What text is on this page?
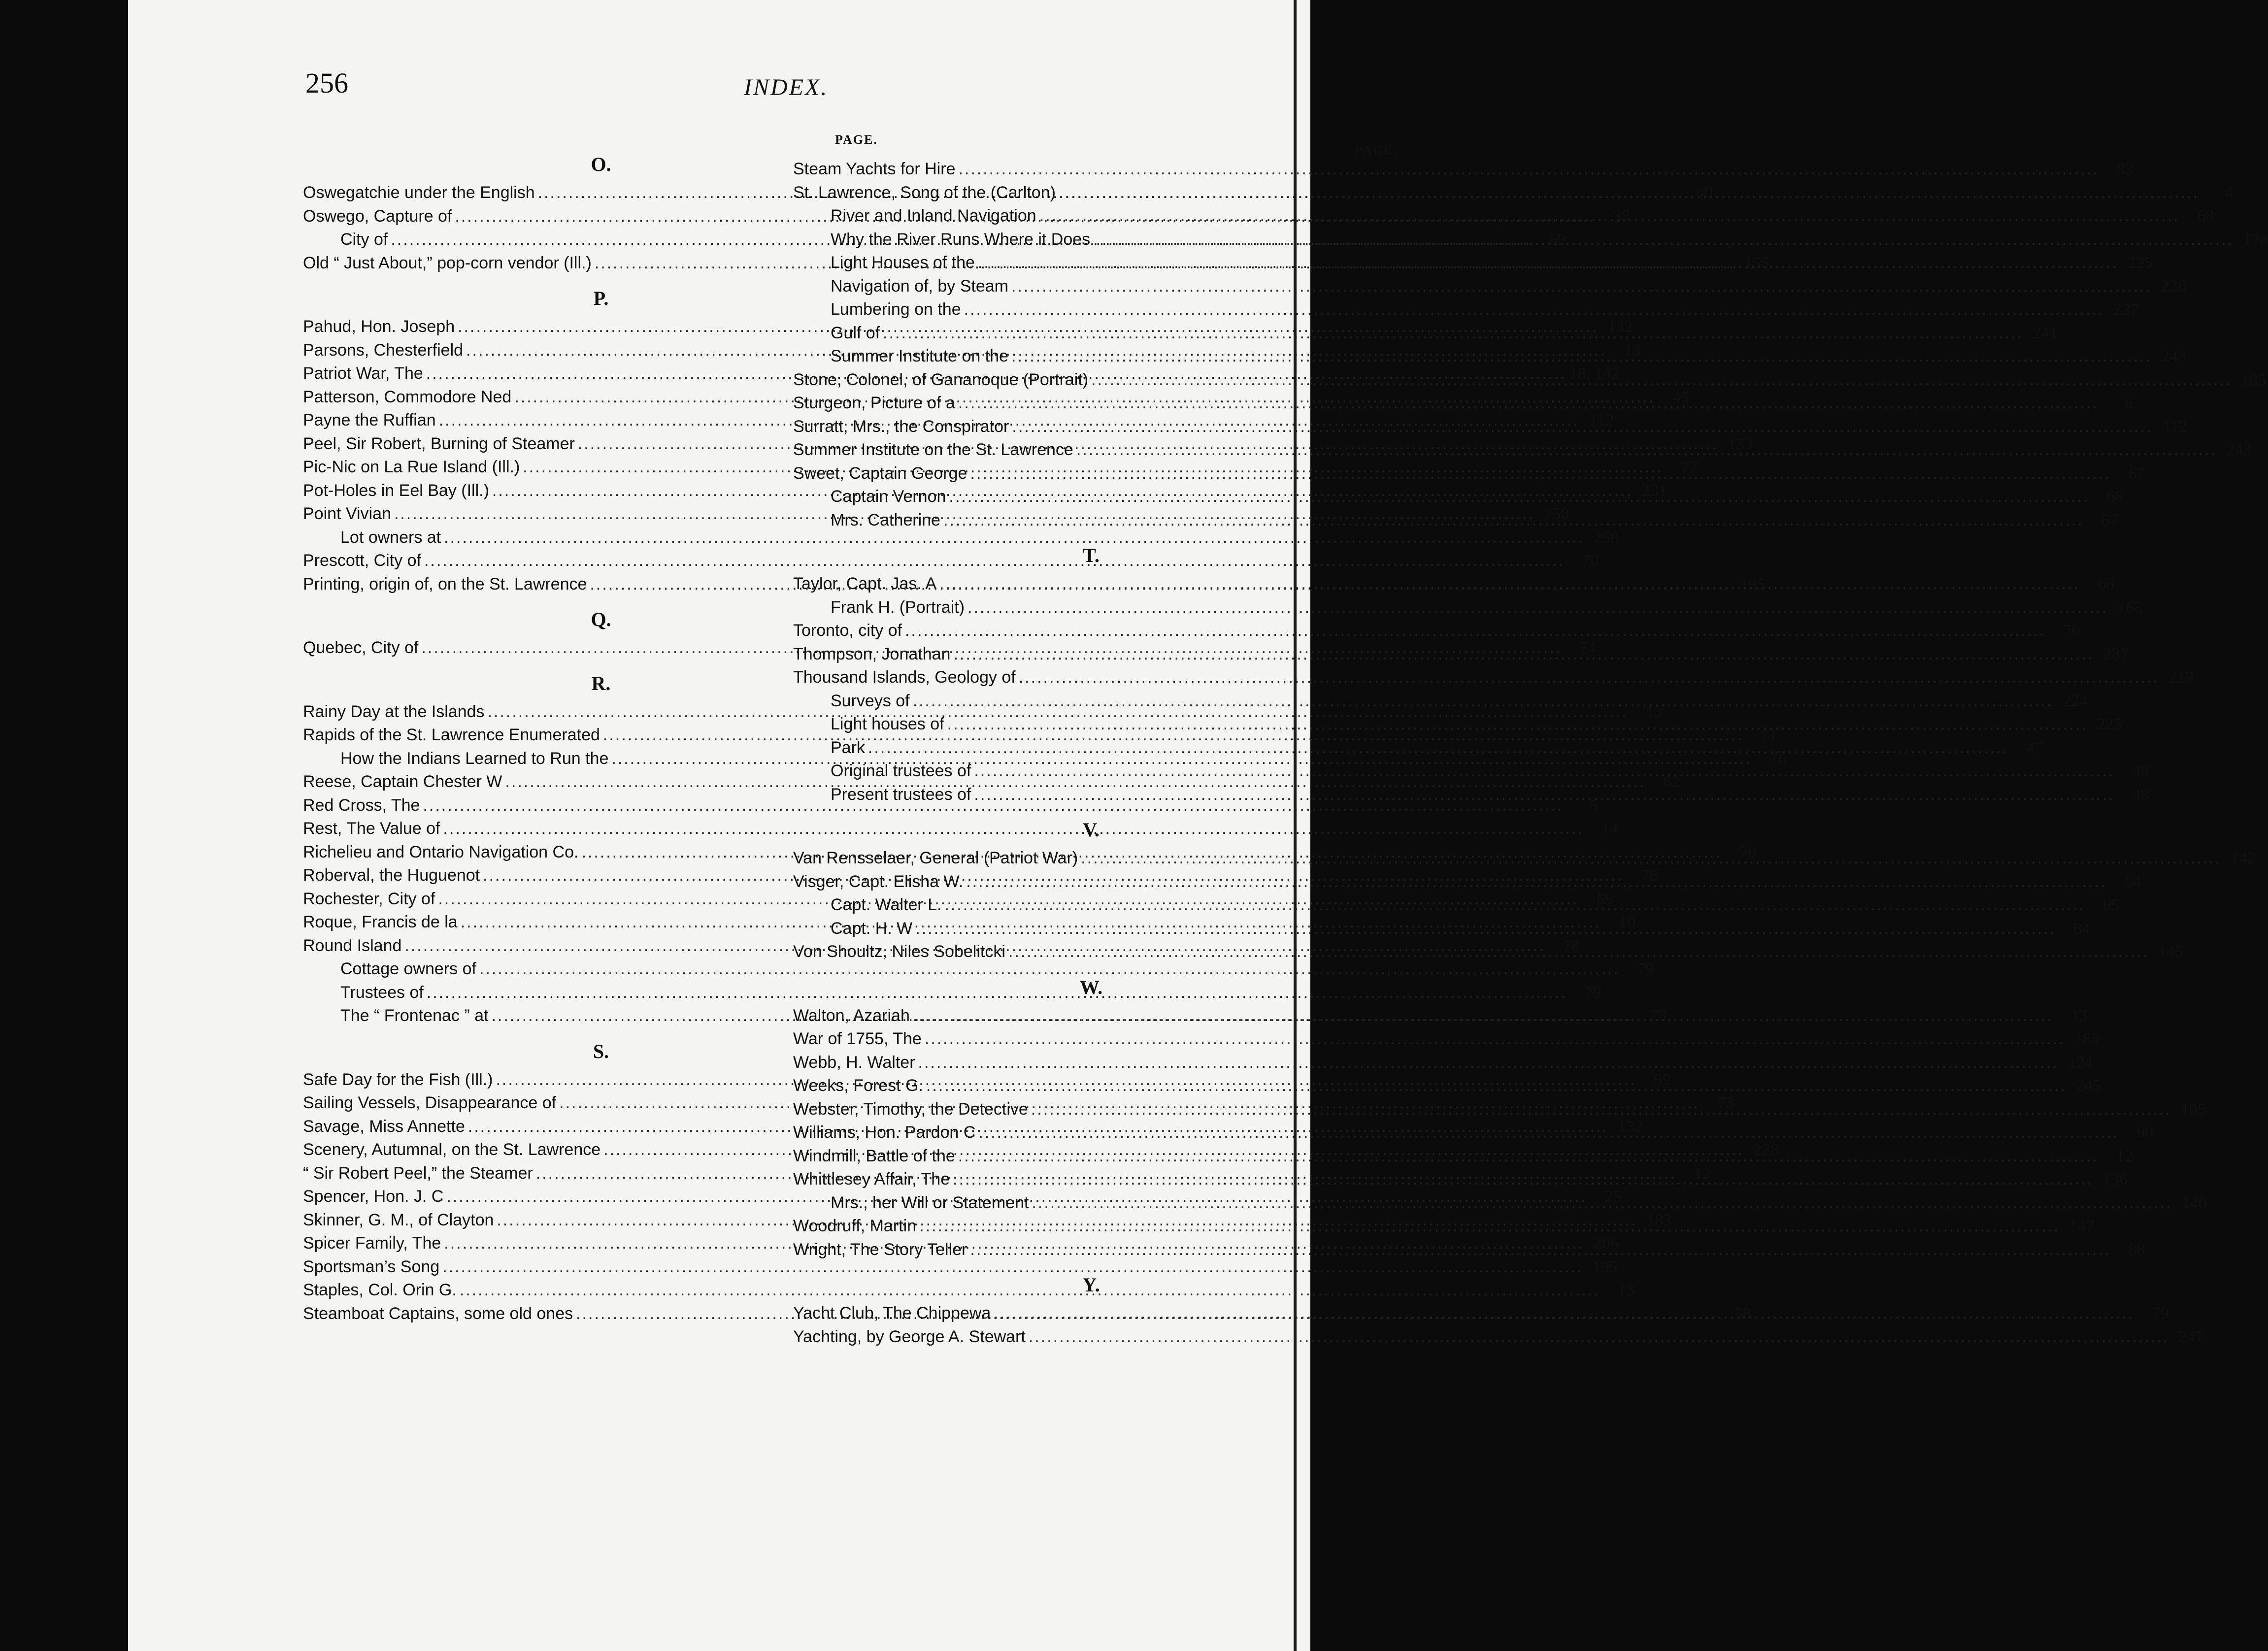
256	INDEX.
PAGE.
O.
Oswegatchie under the English .....	40
Oswego, Capture of .....	38
City of .....	69
Old “ Just About,” pop-corn vendor (Ill.) .....	155
P.
Pahud, Hon. Joseph .....	132
Parsons, Chesterfield .....	13
Patriot War, The .....	18, 142
Patterson, Commodore Ned .....	45
Payne the Ruffian .....	112
Peel, Sir Robert, Burning of Steamer .....	133
Pic-Nic on La Rue Island (Ill.) .....	77
Pot-Holes in Eel Bay (Ill.) .....	231
Point Vivian .....	250
Lot owners at .....	250
Prescott, City of .....	70
Printing, origin of, on the St. Lawrence .....	195
Q.
Quebec, City of .....	74
R.
Rainy Day at the Islands .....	13
Rapids of the St. Lawrence Enumerated .....	71
How the Indians Learned to Run the .....	76
Reese, Captain Chester W .....	62
Red Cross, The .....	5
Rest, The Value of .....	14
Richelieu and Ontario Navigation Co. .....	70
Roberval, the Huguenot .....	76
Rochester, City of .....	69
Roque, Francis de la .....	10
Round Island .....	78
Cottage owners of .....	79
Trustees of .....	79
The “ Frontenac ” at .....	78
S.
Safe Day for the Fish (Ill.) .....	69
Sailing Vessels, Disappearance of .....	73
Savage, Miss Annette .....	132
Scenery, Autumnal, on the St. Lawrence .....	228
“ Sir Robert Peel,” the Steamer .....	12
Spencer, Hon. J. C .....	25
Skinner, G. M., of Clayton .....	183
Spicer Family, The .....	206
Sportsman’s Song .....	195
Staples, Col. Orin G. .....	13
Steamboat Captains, some old ones .....	58
PAGE.
Steam Yachts for Hire .....	83
St. Lawrence, Song of the (Carlton) .....	4
River and Inland Navigation .....	68
Why the River Runs Where it Does .....	178
Light Houses of the .....	225
Navigation of, by Steam .....	226
Lumbering on the .....	227
Gulf of .....	241
Summer Institute on the .....	243
Stone, Colonel, of Gananoque (Portrait) .....	185
Sturgeon, Picture of a .....	6
Surratt, Mrs., the Conspirator .....	112
Summer Institute on the St. Lawrence .....	243
Sweet, Captain George .....	67
Captain Vernon .....	68
Mrs. Catherine .....	67
T.
Taylor, Capt. Jas. A .....	66
Frank H. (Portrait) .....	168
Toronto, city of .....	70
Thompson, Jonathan .....	237
Thousand Islands, Geology of .....	219
Surveys of .....	224
Light houses of .....	225
Park .....	47
Original trustees of .....	48
Present trustees of .....	48
V.
Van Rensselaer, General (Patriot War) .....	142
Visger, Capt. Elisha W. .....	64
Capt. Walter L. .....	65
Capt. H. W .....	84
Von Shoultz, Niles Sobelitcki .....	145
W.
Walton, Azariah .....	13
War of 1755, The .....	165
Webb, H. Walter .....	124
Weeks, Forest G. .....	245
Webster, Timothy, the Detective .....	105
Williams, Hon. Pardon C .....	90
Windmill, Battle of the .....	12
Whittlesey Affair, The .....	136
Mrs., her Will or Statement .....	140
Woodruff, Martin .....	147
Wright, The Story Teller .....	88
Y.
Yacht Club, The Chippewa .....	79
Yachting, by George A. Stewart .....	247
